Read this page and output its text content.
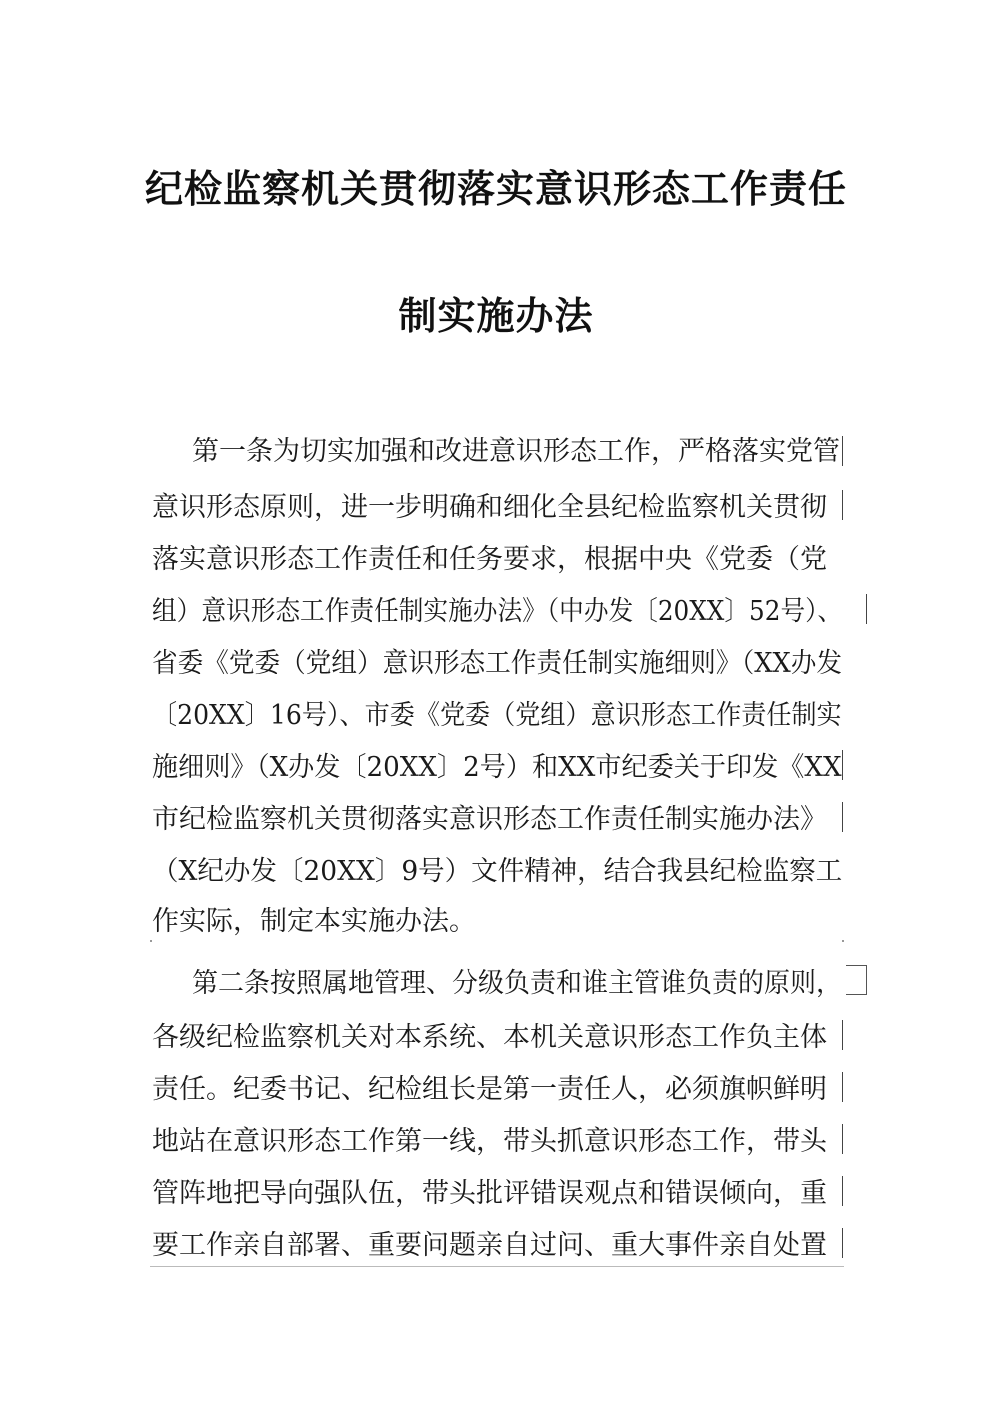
纪检监察机关贯彻落实意识形态工作责任
制实施办法
第一条为切实加强和改进意识形态工作，严格落实党管
意识形态原则，进一步明确和细化全县纪检监察机关贯彻
落实意识形态工作责任和任务要求，根据中央《党委（党
组）意识形态工作责任制实施办法》（中办发〔20XX〕52号）、
省委《党委（党组）意识形态工作责任制实施细则》（XX办发
〔20XX〕16号）、市委《党委（党组）意识形态工作责任制实
施细则》（X办发〔20XX〕2号）和XX市纪委关于印发《XX
市纪检监察机关贯彻落实意识形态工作责任制实施办法》
（X纪办发〔20XX〕9号）文件精神，结合我县纪检监察工
作实际，制定本实施办法。
第二条按照属地管理、分级负责和谁主管谁负责的原则，
各级纪检监察机关对本系统、本机关意识形态工作负主体
责任。纪委书记、纪检组长是第一责任人，必须旗帜鲜明
地站在意识形态工作第一线，带头抓意识形态工作，带头
管阵地把导向强队伍，带头批评错误观点和错误倾向，重
要工作亲自部署、重要问题亲自过问、重大事件亲自处置
